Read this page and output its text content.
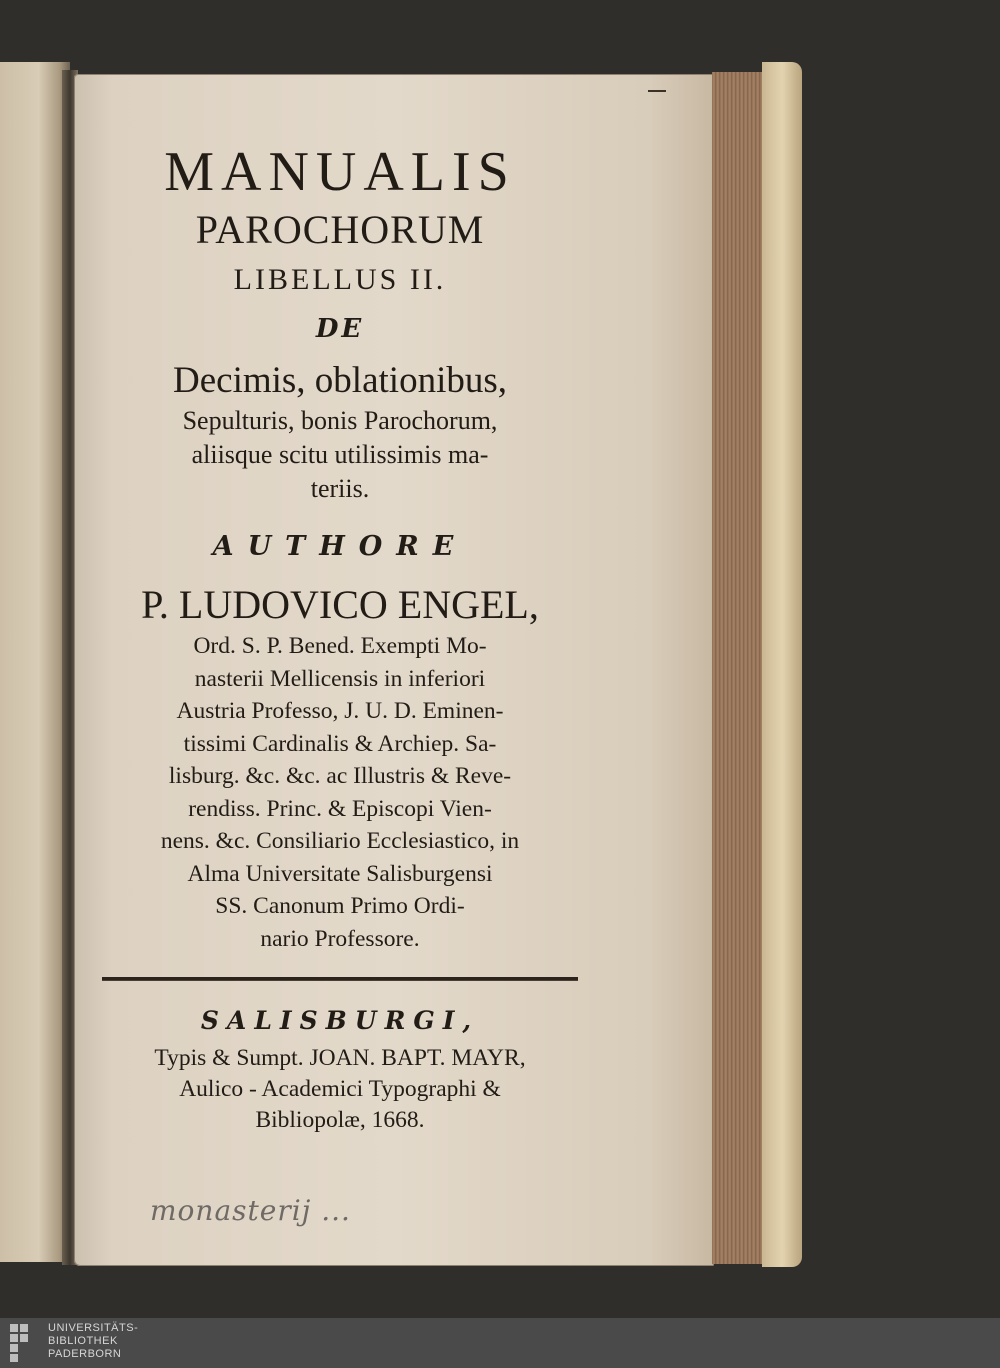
MANUALIS
PAROCHORUM
LIBELLUS II.
DE
Decimis, oblationibus,
Sepulturis, bonis Parochorum,
aliisque scitu utilissimis ma-
teriis.
AUTHORE
P. LUDOVICO ENGEL,
Ord. S. P. Bened. Exempti Mo-
nasterii Mellicensis in inferiori
Austria Professo, J. U. D. Eminen-
tissimi Cardinalis & Archiep. Sa-
lisburg. &c. &c. ac Illustris & Reve-
rendiss. Princ. & Episcopi Vien-
nens. &c. Consiliario Ecclesiastico, in
Alma Universitate Salisburgensi
SS. Canonum Primo Ordi-
nario Professore.
SALISBURGI,
Typis & Sumpt. JOAN. BAPT. MAYR,
Aulico - Academici Typographi &
Bibliopolæ, 1668.
monasterij ...
UNIVERSITÄTS-
BIBLIOTHEK
PADERBORN
